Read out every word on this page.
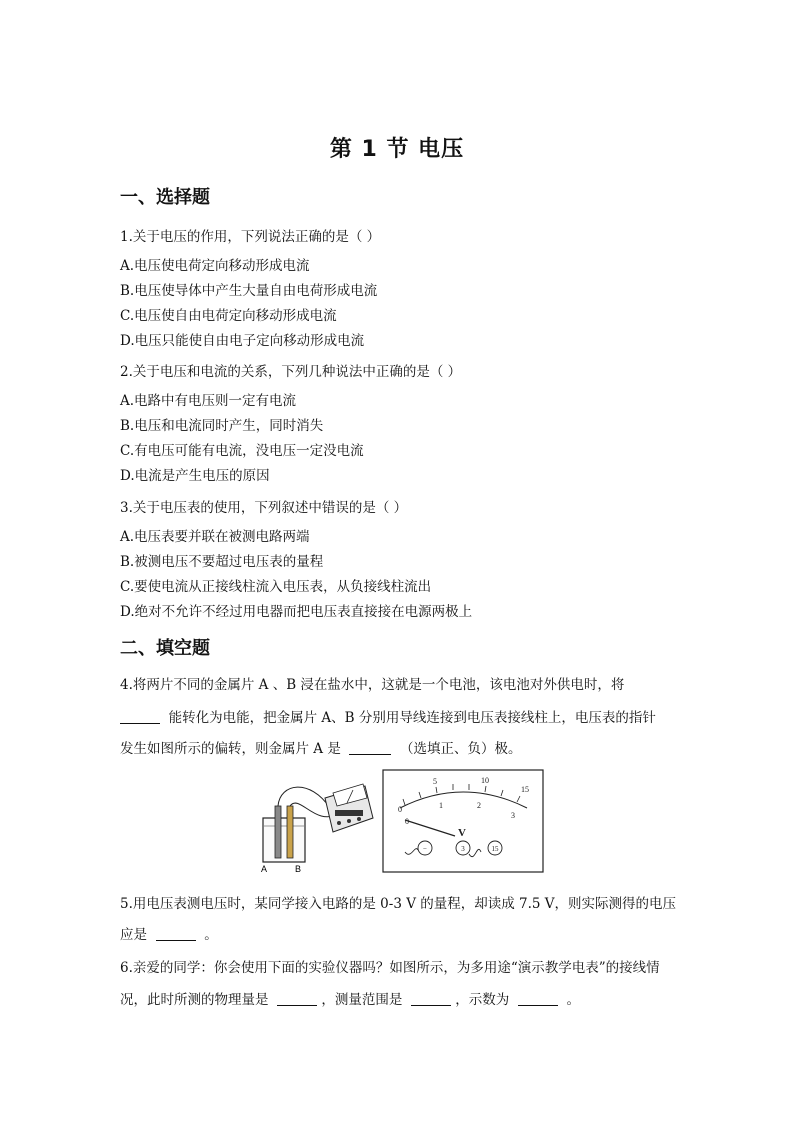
第 1 节 电压
一、选择题
1.关于电压的作用，下列说法正确的是（ ）
A.电压使电荷定向移动形成电流
B.电压使导体中产生大量自由电荷形成电流
C.电压使自由电荷定向移动形成电流
D.电压只能使自由电子定向移动形成电流
2.关于电压和电流的关系，下列几种说法中正确的是（ ）
A.电路中有电压则一定有电流
B.电压和电流同时产生，同时消失
C.有电压可能有电流，没电压一定没电流
D.电流是产生电压的原因
3.关于电压表的使用，下列叙述中错误的是（ ）
A.电压表要并联在被测电路两端
B.被测电压不要超过电压表的量程
C.要使电流从正接线柱流入电压表，从负接线柱流出
D.绝对不允许不经过用电器而把电压表直接接在电源两极上
二、填空题
4.将两片不同的金属片 A 、B 浸在盐水中，这就是一个电池，该电池对外供电时，将
能转化为电能，把金属片 A、B 分别用导线连接到电压表接线柱上，电压表的指针
发生如图所示的偏转，则金属片 A 是	（选填正、负）极。
A	B
0
5	10
15
0
1	2
3
V
−	3	15
5.用电压表测电压时，某同学接入电路的是 0-3 V 的量程，却读成 7.5 V，则实际测得的电压
应是	。
6.亲爱的同学：你会使用下面的实验仪器吗？如图所示，为多用途“演示教学电表”的接线情
况，此时所测的物理量是	，测量范围是	，示数为	。
